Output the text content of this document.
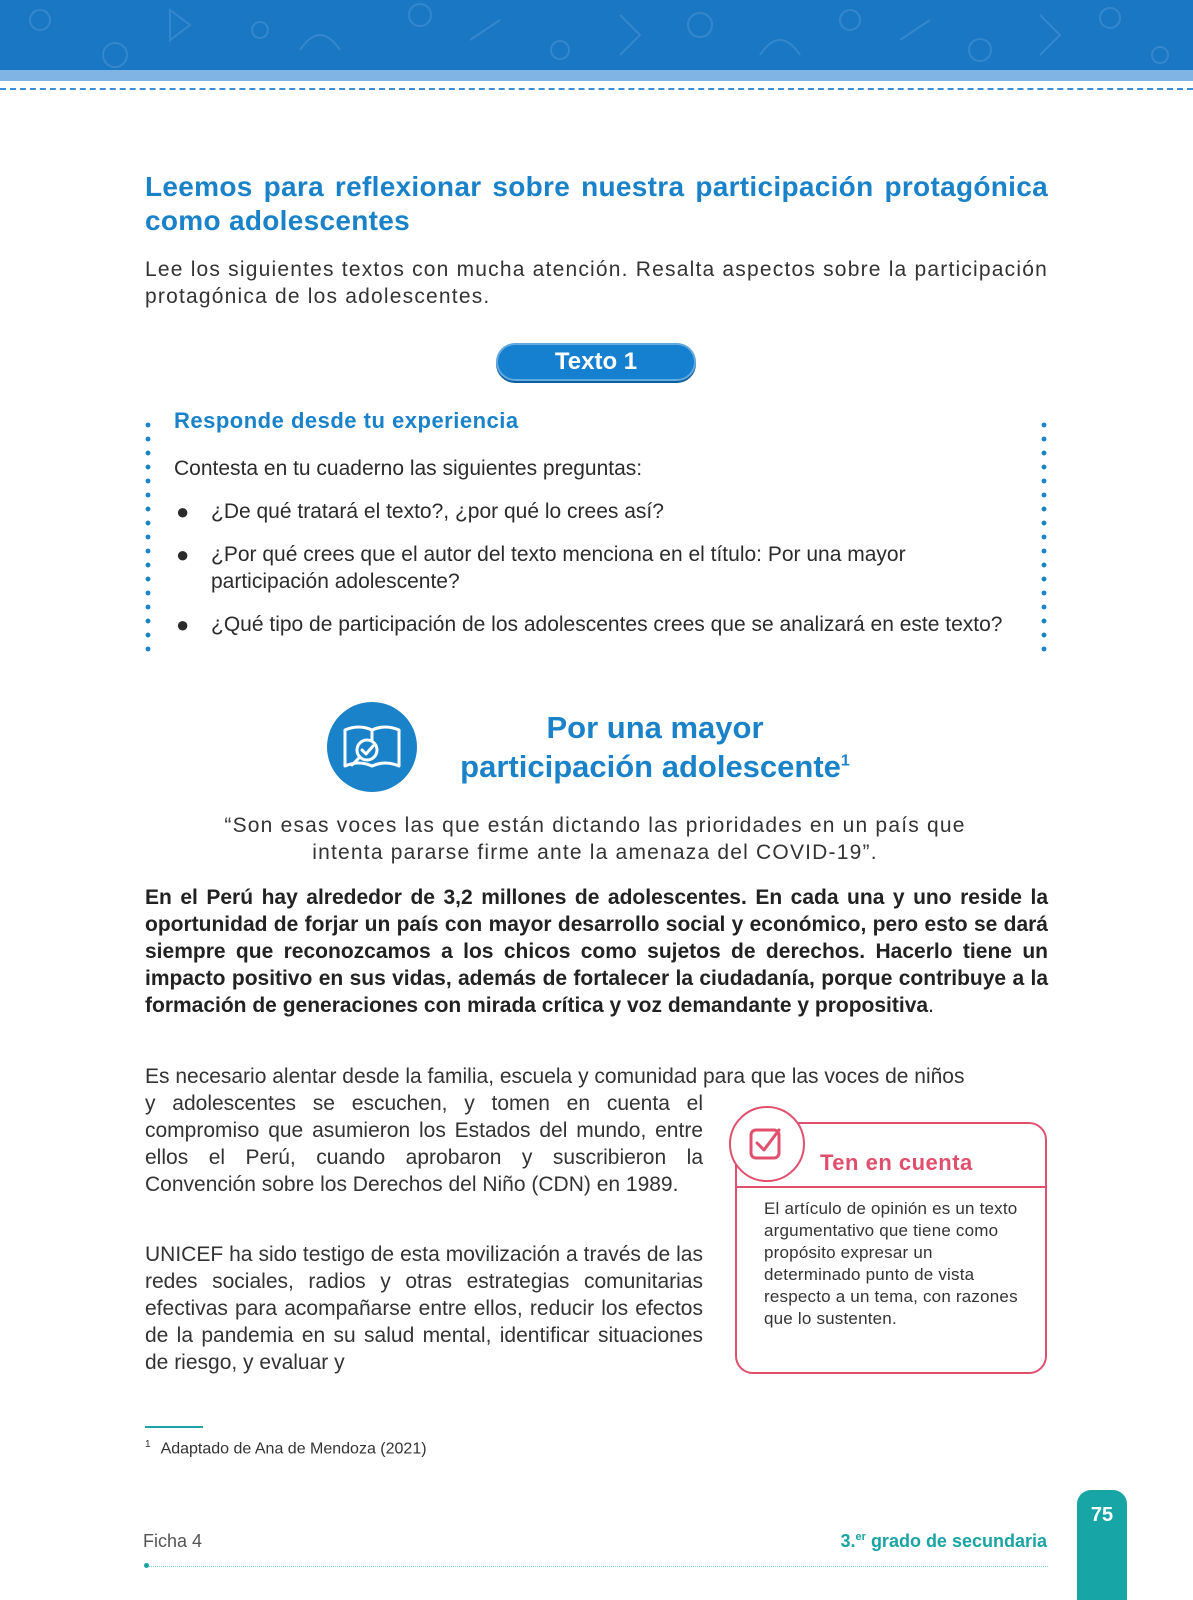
Leemos para reflexionar sobre nuestra participación protagónica como adolescentes
Lee los siguientes textos con mucha atención. Resalta aspectos sobre la participación protagónica de los adolescentes.
Texto 1
Responde desde tu experiencia
Contesta en tu cuaderno las siguientes preguntas:
● ¿De qué tratará el texto?, ¿por qué lo crees así?
● ¿Por qué crees que el autor del texto menciona en el título: Por una mayor participación adolescente?
● ¿Qué tipo de participación de los adolescentes crees que se analizará en este texto?
Por una mayor
participación adolescente$^1$
“Son esas voces las que están dictando las prioridades en un país que intenta pararse firme ante la amenaza del COVID-19”.
En el Perú hay alrededor de 3,2 millones de adolescentes. En cada una y uno reside la oportunidad de forjar un país con mayor desarrollo social y económico, pero esto se dará siempre que reconozcamos a los chicos como sujetos de derechos. Hacerlo tiene un impacto positivo en sus vidas, además de fortalecer la ciudadanía, porque contribuye a la formación de generaciones con mirada crítica y voz demandante y propositiva.
Es necesario alentar desde la familia, escuela y comunidad para que las voces de niños
y adolescentes se escuchen, y tomen en cuenta el compromiso que asumieron los Estados del mundo, entre ellos el Perú, cuando aprobaron y suscribieron la Convención sobre los Derechos del Niño (CDN) en 1989.
UNICEF ha sido testigo de esta movilización a través de las redes sociales, radios y otras estrategias comunitarias efectivas para acompañarse entre ellos, reducir los efectos de la pandemia en su salud mental, identificar situaciones de riesgo, y evaluar y
Ten en cuenta
El artículo de opinión es un texto argumentativo que tiene como propósito expresar un determinado punto de vista respecto a un tema, con razones que lo sustenten.
$^1$ Adaptado de Ana de Mendoza (2021)
Ficha 4	3.$^{er}$ grado de secundaria
75
